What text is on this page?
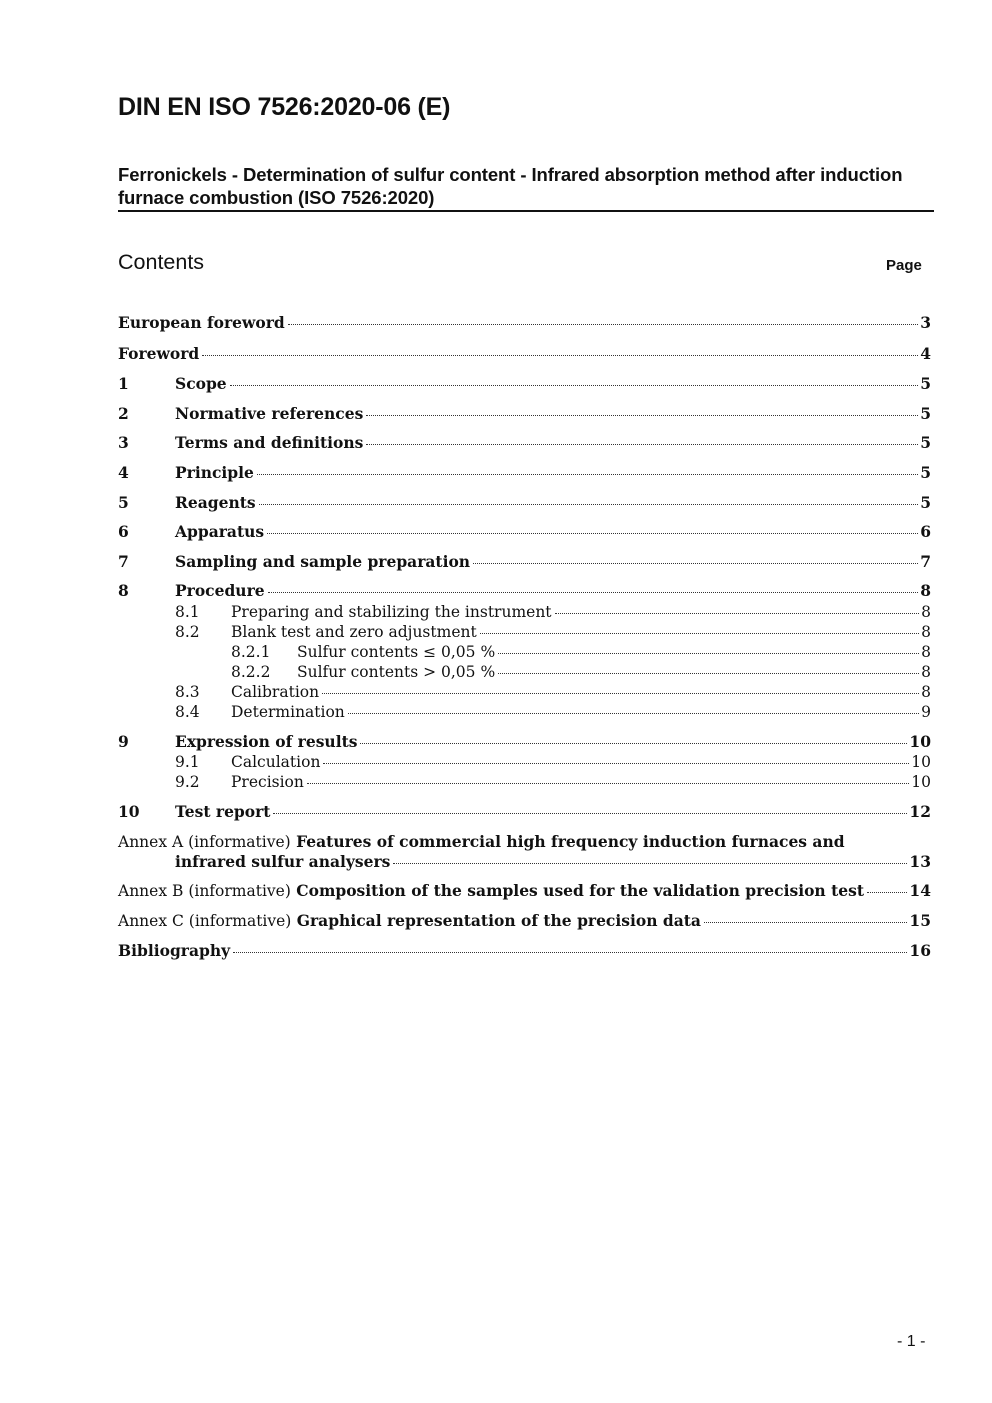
DIN EN ISO 7526:2020-06 (E)
Ferronickels - Determination of sulfur content - Infrared absorption method after induction furnace combustion (ISO 7526:2020)
Contents	Page
European foreword	3
Foreword	4
1	Scope	5
2	Normative references	5
3	Terms and definitions	5
4	Principle	5
5	Reagents	5
6	Apparatus	6
7	Sampling and sample preparation	7
8	Procedure	8
8.1	Preparing and stabilizing the instrument	8
8.2	Blank test and zero adjustment	8
8.2.1	Sulfur contents ≤ 0,05 %	8
8.2.2	Sulfur contents > 0,05 %	8
8.3	Calibration	8
8.4	Determination	9
9	Expression of results	10
9.1	Calculation	10
9.2	Precision	10
10	Test report	12
Annex A (informative) Features of commercial high frequency induction furnaces and
infrared sulfur analysers	13
Annex B (informative) Composition of the samples used for the validation precision test	14
Annex C (informative) Graphical representation of the precision data	15
Bibliography	16
- 1 -
